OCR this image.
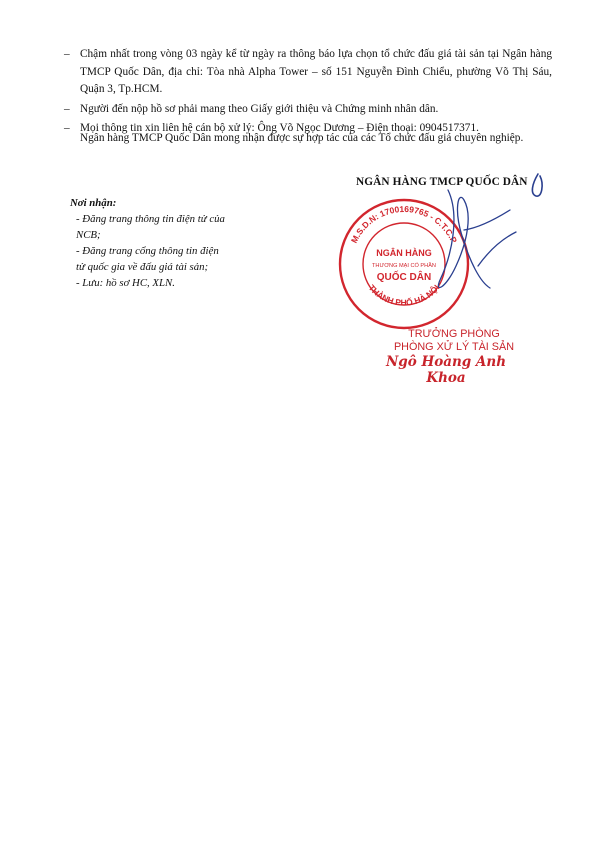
– Chậm nhất trong vòng 03 ngày kể từ ngày ra thông báo lựa chọn tổ chức đấu giá tài sản tại Ngân hàng TMCP Quốc Dân, địa chỉ: Tòa nhà Alpha Tower – số 151 Nguyễn Đình Chiểu, phường Võ Thị Sáu, Quận 3, Tp.HCM.
– Người đến nộp hồ sơ phải mang theo Giấy giới thiệu và Chứng minh nhân dân.
– Mọi thông tin xin liên hệ cán bộ xử lý: Ông Võ Ngọc Dương – Điện thoại: 0904517371.
Ngân hàng TMCP Quốc Dân mong nhận được sự hợp tác của các Tổ chức đấu giá chuyên nghiệp.
NGÂN HÀNG TMCP QUỐC DÂN
Nơi nhận:
- Đăng trang thông tin điện tử của NCB;
- Đăng trang cổng thông tin điện tử quốc gia về đấu giá tài sản;
- Lưu: hồ sơ HC, XLN.
M.S.D.N: 1700169765 - C.T.C.P
THÀNH PHỐ HÀ NỘI
NGÂN HÀNG
THƯƠNG MẠI CỔ PHẦN
QUỐC DÂN
TRƯỞNG PHÒNG
PHÒNG XỬ LÝ TÀI SẢN
Ngô Hoàng Anh Khoa
